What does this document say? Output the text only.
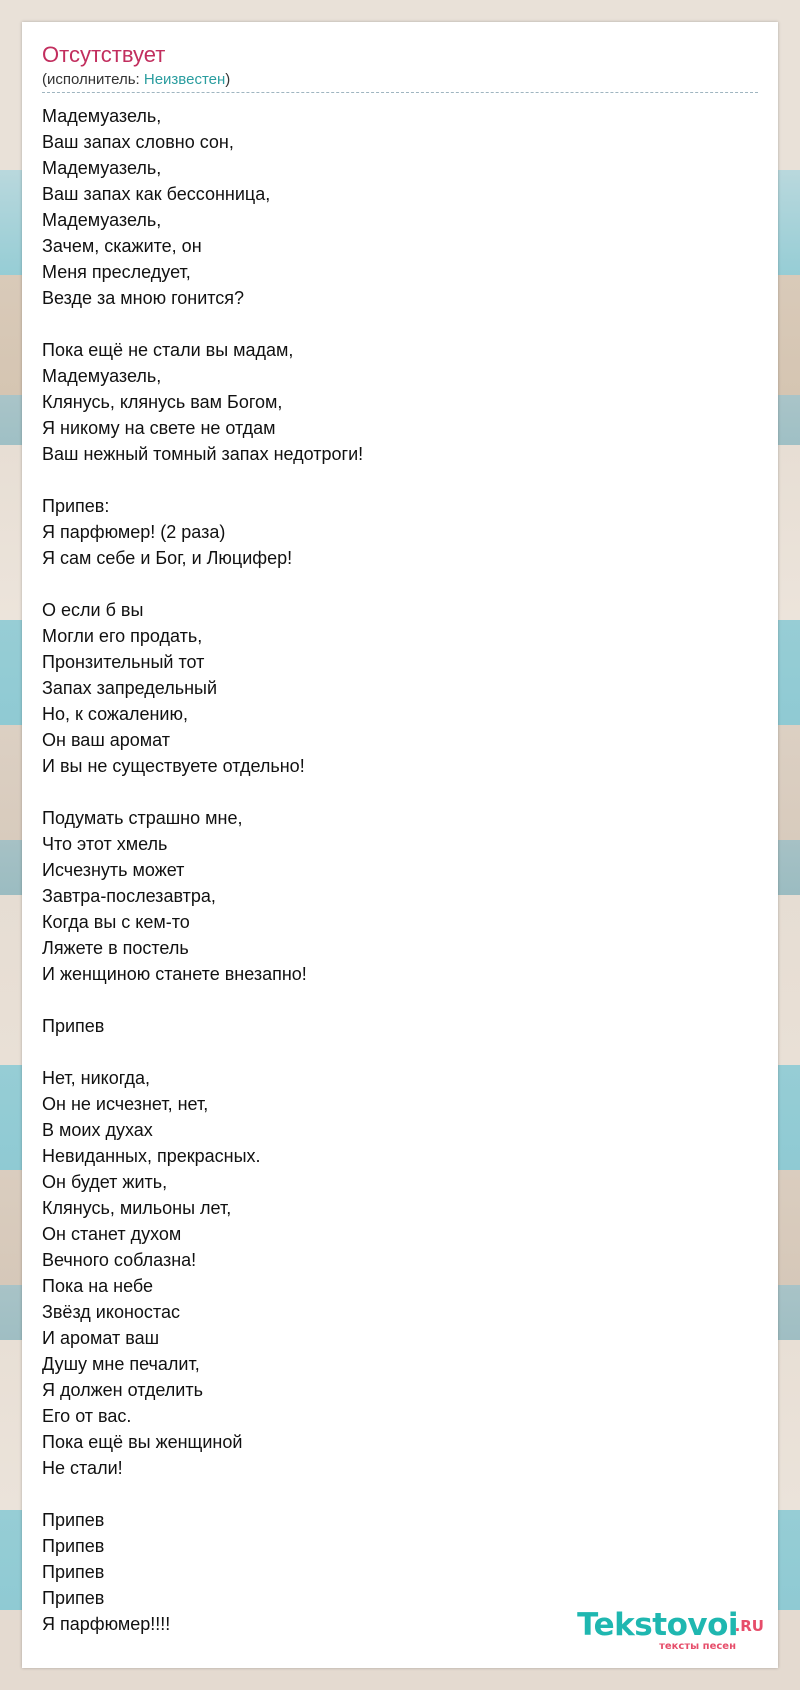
Отсутствует
(исполнитель: Неизвестен)
Мадемуазель,
Ваш запах словно сон,
Мадемуазель,
Ваш запах как бессонница,
Мадемуазель,
Зачем, скажите, он
Меня преследует,
Везде за мною гонится?
Пока ещё не стали вы мадам,
Мадемуазель,
Клянусь, клянусь вам Богом,
Я никому на свете не отдам
Ваш нежный томный запах недотроги!
Припев:
Я парфюмер! (2 раза)
Я сам себе и Бог, и Люцифер!
О если б вы
Могли его продать,
Пронзительный тот
Запах запредельный
Но, к сожалению,
Он ваш аромат
И вы не существуете отдельно!
Подумать страшно мне,
Что этот хмель
Исчезнуть может
Завтра-послезавтра,
Когда вы с кем-то
Ляжете в постель
И женщиною станете внезапно!
Припев
Нет, никогда,
Он не исчезнет, нет,
В моих духах
Невиданных, прекрасных.
Он будет жить,
Клянусь, мильоны лет,
Он станет духом
Вечного соблазна!
Пока на небе
Звёзд иконостас
И аромат ваш
Душу мне печалит,
Я должен отделить
Его от вас.
Пока ещё вы женщиной
Не стали!
Припев
Припев
Припев
Припев
Я парфюмер!!!!	Tekstovoi
.RU
тексты песен
